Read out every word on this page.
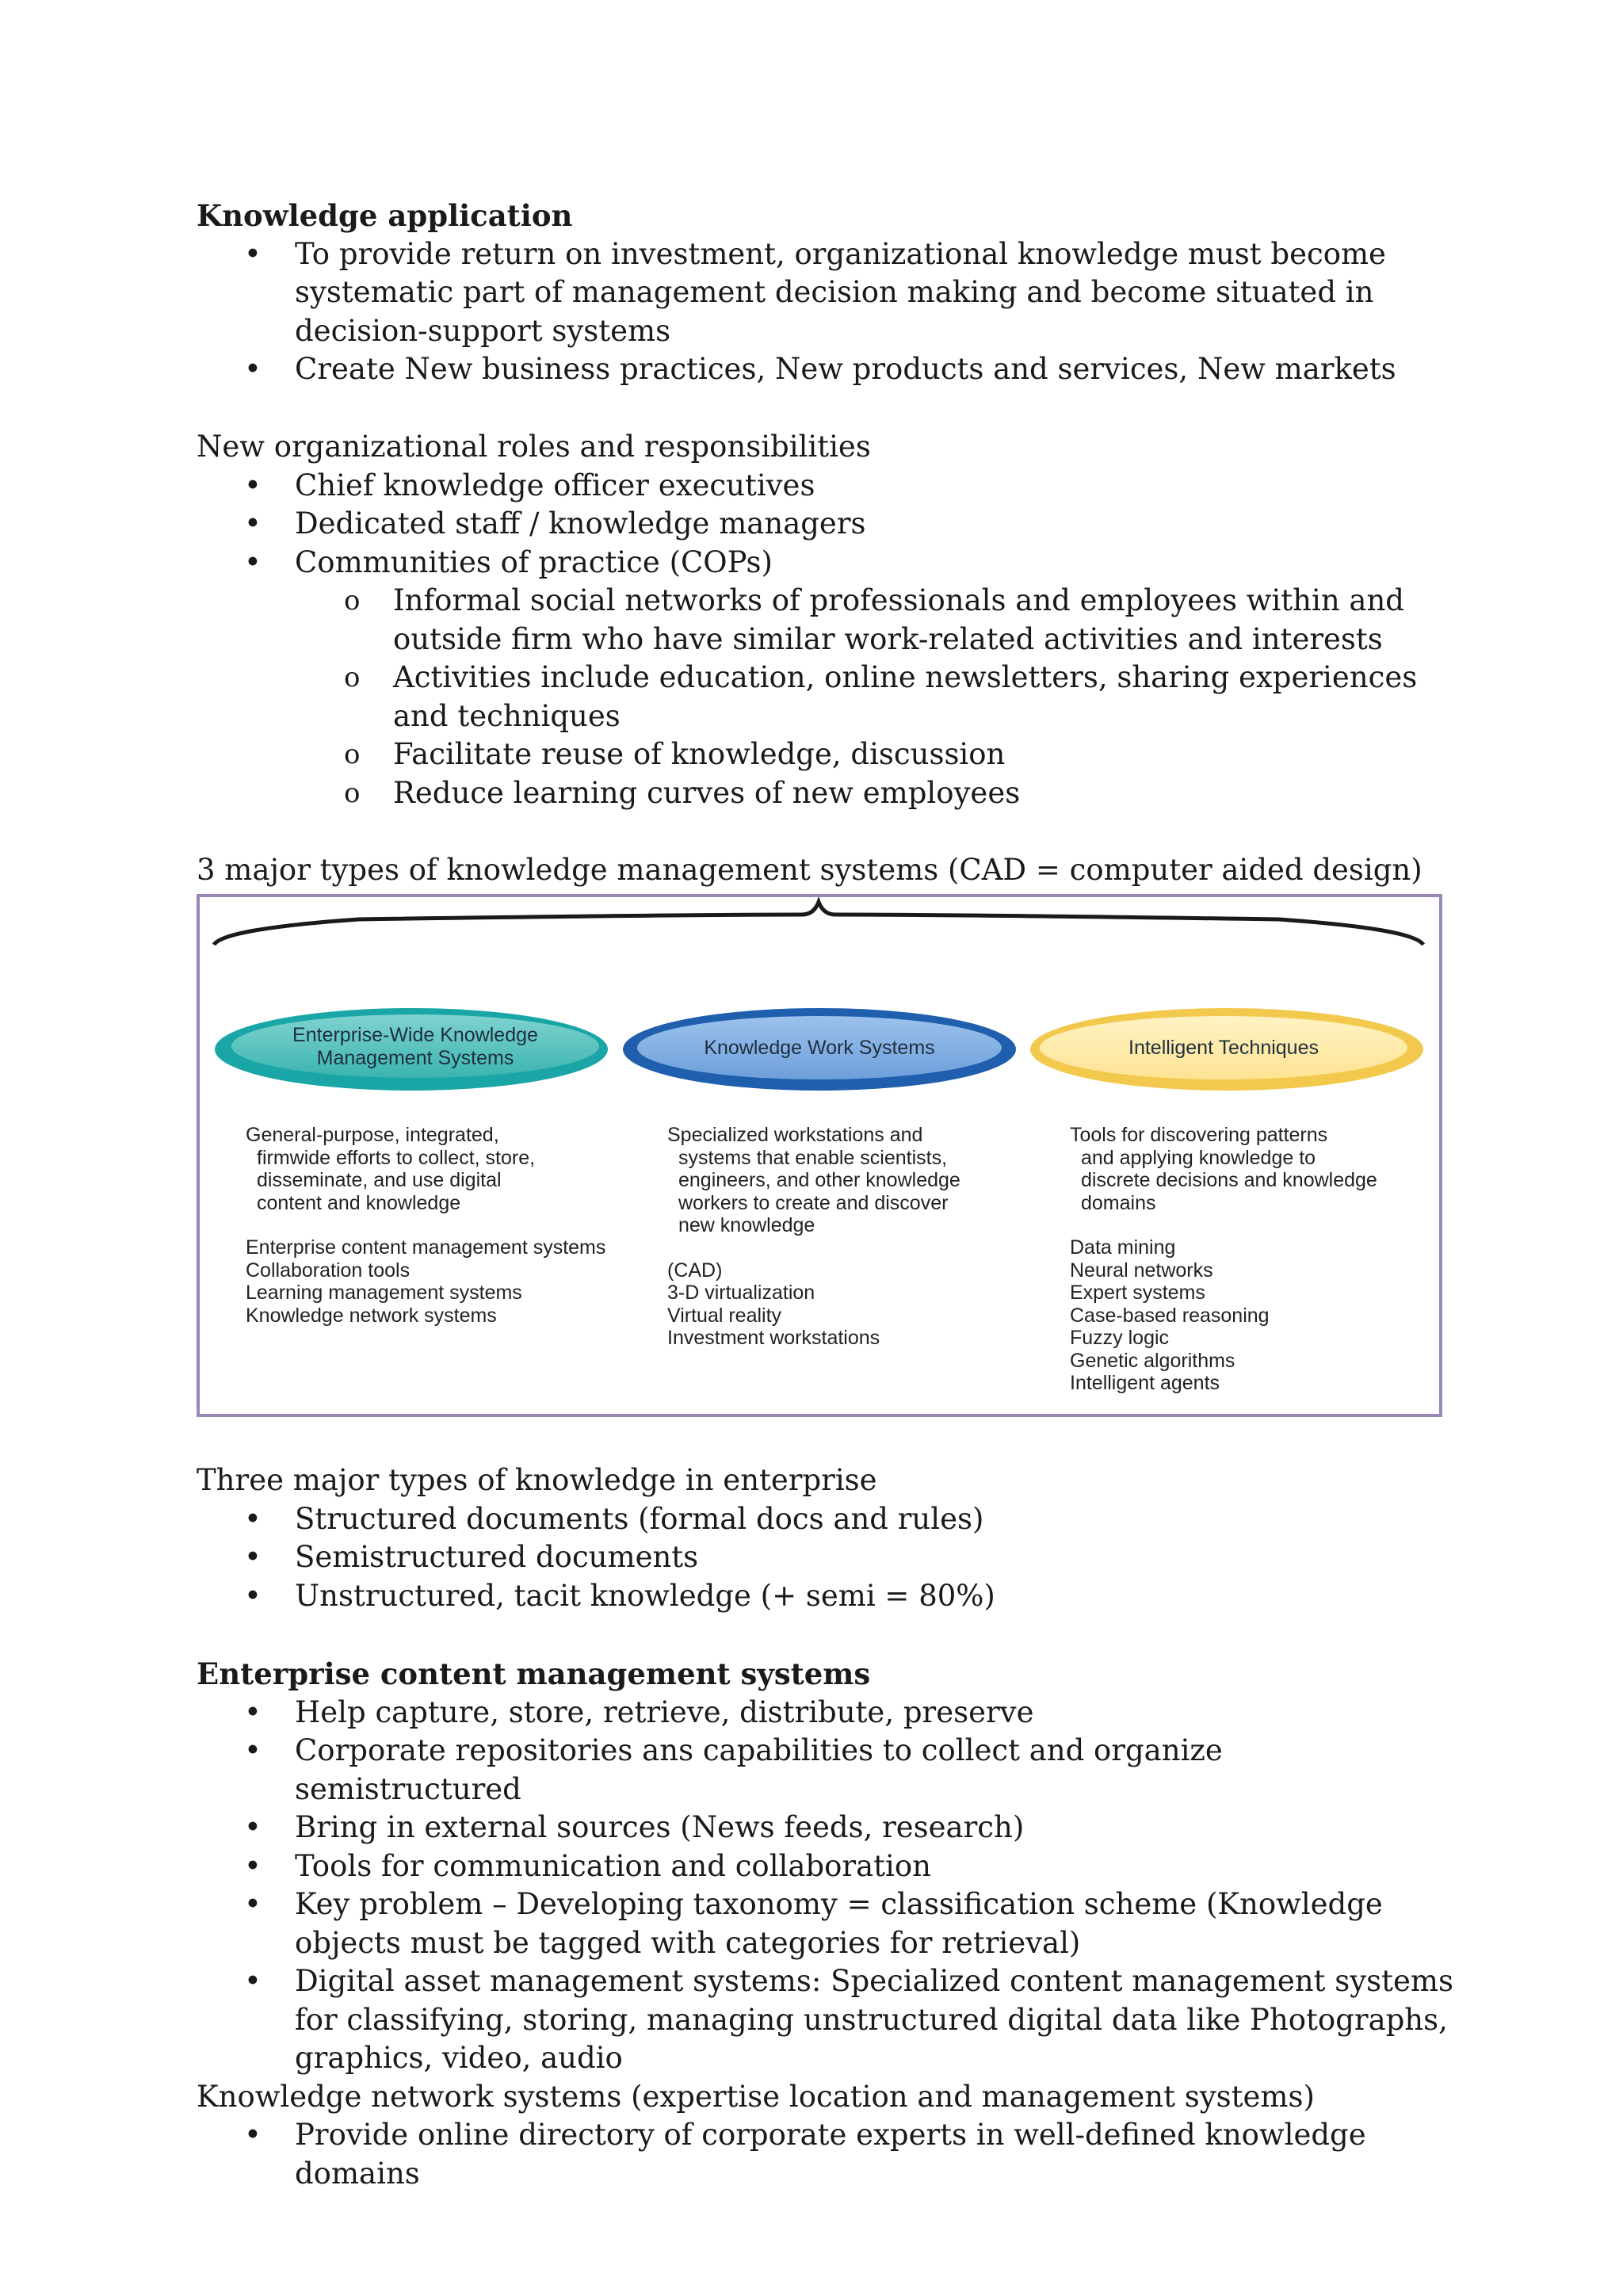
Knowledge application
• To provide return on investment, organizational knowledge must become systematic part of management decision making and become situated in decision-support systems
• Create New business practices, New products and services, New markets
New organizational roles and responsibilities
• Chief knowledge officer executives
• Dedicated staff / knowledge managers
• Communities of practice (COPs)
o Informal social networks of professionals and employees within and outside firm who have similar work-related activities and interests
o Activities include education, online newsletters, sharing experiences and techniques
o Facilitate reuse of knowledge, discussion
o Reduce learning curves of new employees
3 major types of knowledge management systems (CAD = computer aided design)
Enterprise-Wide Knowledge
Management Systems	Knowledge Work Systems	Intelligent Techniques
General-purpose, integrated,
firmwide efforts to collect, store,
disseminate, and use digital
content and knowledge
Enterprise content management systems
Collaboration tools
Learning management systems
Knowledge network systems
Specialized workstations and
systems that enable scientists,
engineers, and other knowledge
workers to create and discover
new knowledge
(CAD)
3-D virtualization
Virtual reality
Investment workstations
Tools for discovering patterns
and applying knowledge to
discrete decisions and knowledge
domains
Data mining
Neural networks
Expert systems
Case-based reasoning
Fuzzy logic
Genetic algorithms
Intelligent agents
Three major types of knowledge in enterprise
• Structured documents (formal docs and rules)
• Semistructured documents
• Unstructured, tacit knowledge (+ semi = 80%)
Enterprise content management systems
• Help capture, store, retrieve, distribute, preserve
• Corporate repositories ans capabilities to collect and organize semistructured
• Bring in external sources (News feeds, research)
• Tools for communication and collaboration
• Key problem – Developing taxonomy = classification scheme (Knowledge objects must be tagged with categories for retrieval)
• Digital asset management systems: Specialized content management systems for classifying, storing, managing unstructured digital data like Photographs, graphics, video, audio
Knowledge network systems (expertise location and management systems)
• Provide online directory of corporate experts in well-defined knowledge domains
